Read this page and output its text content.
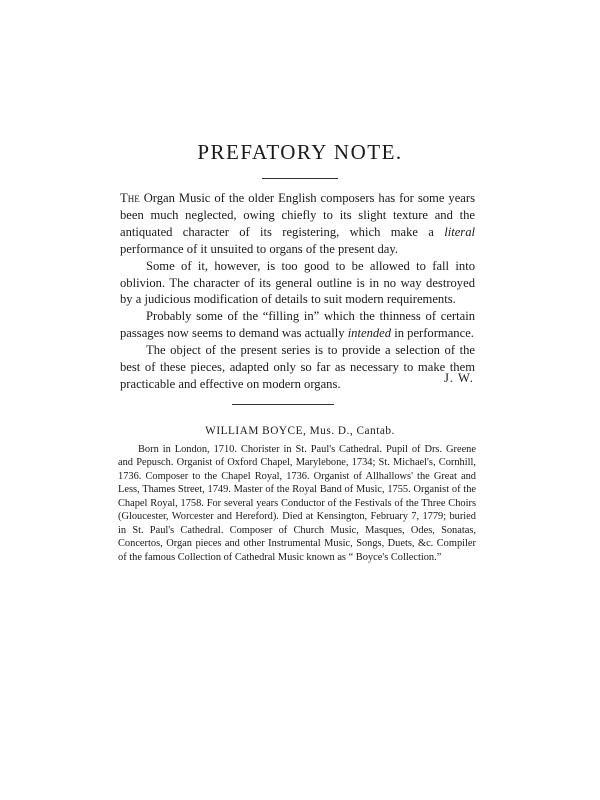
PREFATORY NOTE.

The Organ Music of the older English composers has for some years been much neglected, owing chiefly to its slight texture and the antiquated character of its registering, which make a literal performance of it unsuited to organs of the present day.

Some of it, however, is too good to be allowed to fall into oblivion. The character of its general outline is in no way destroyed by a judicious modification of details to suit modern requirements.

Probably some of the “filling in” which the thinness of certain passages now seems to demand was actually intended in performance.

The object of the present series is to provide a selection of the best of these pieces, adapted only so far as necessary to make them practicable and effective on modern organs.	J. W.
WILLIAM BOYCE, Mus. D., Cantab.

Born in London, 1710. Chorister in St. Paul's Cathedral. Pupil of Drs. Greene and Pepusch. Organist of Oxford Chapel, Marylebone, 1734; St. Michael's, Cornhill, 1736. Composer to the Chapel Royal, 1736. Organist of Allhallows' the Great and Less, Thames Street, 1749. Master of the Royal Band of Music, 1755. Organist of the Chapel Royal, 1758. For several years Conductor of the Festivals of the Three Choirs (Gloucester, Worcester and Hereford). Died at Kensington, February 7, 1779; buried in St. Paul's Cathedral. Composer of Church Music, Masques, Odes, Sonatas, Concertos, Organ pieces and other Instrumental Music, Songs, Duets, &c. Compiler of the famous Collection of Cathedral Music known as “ Boyce's Collection.”
